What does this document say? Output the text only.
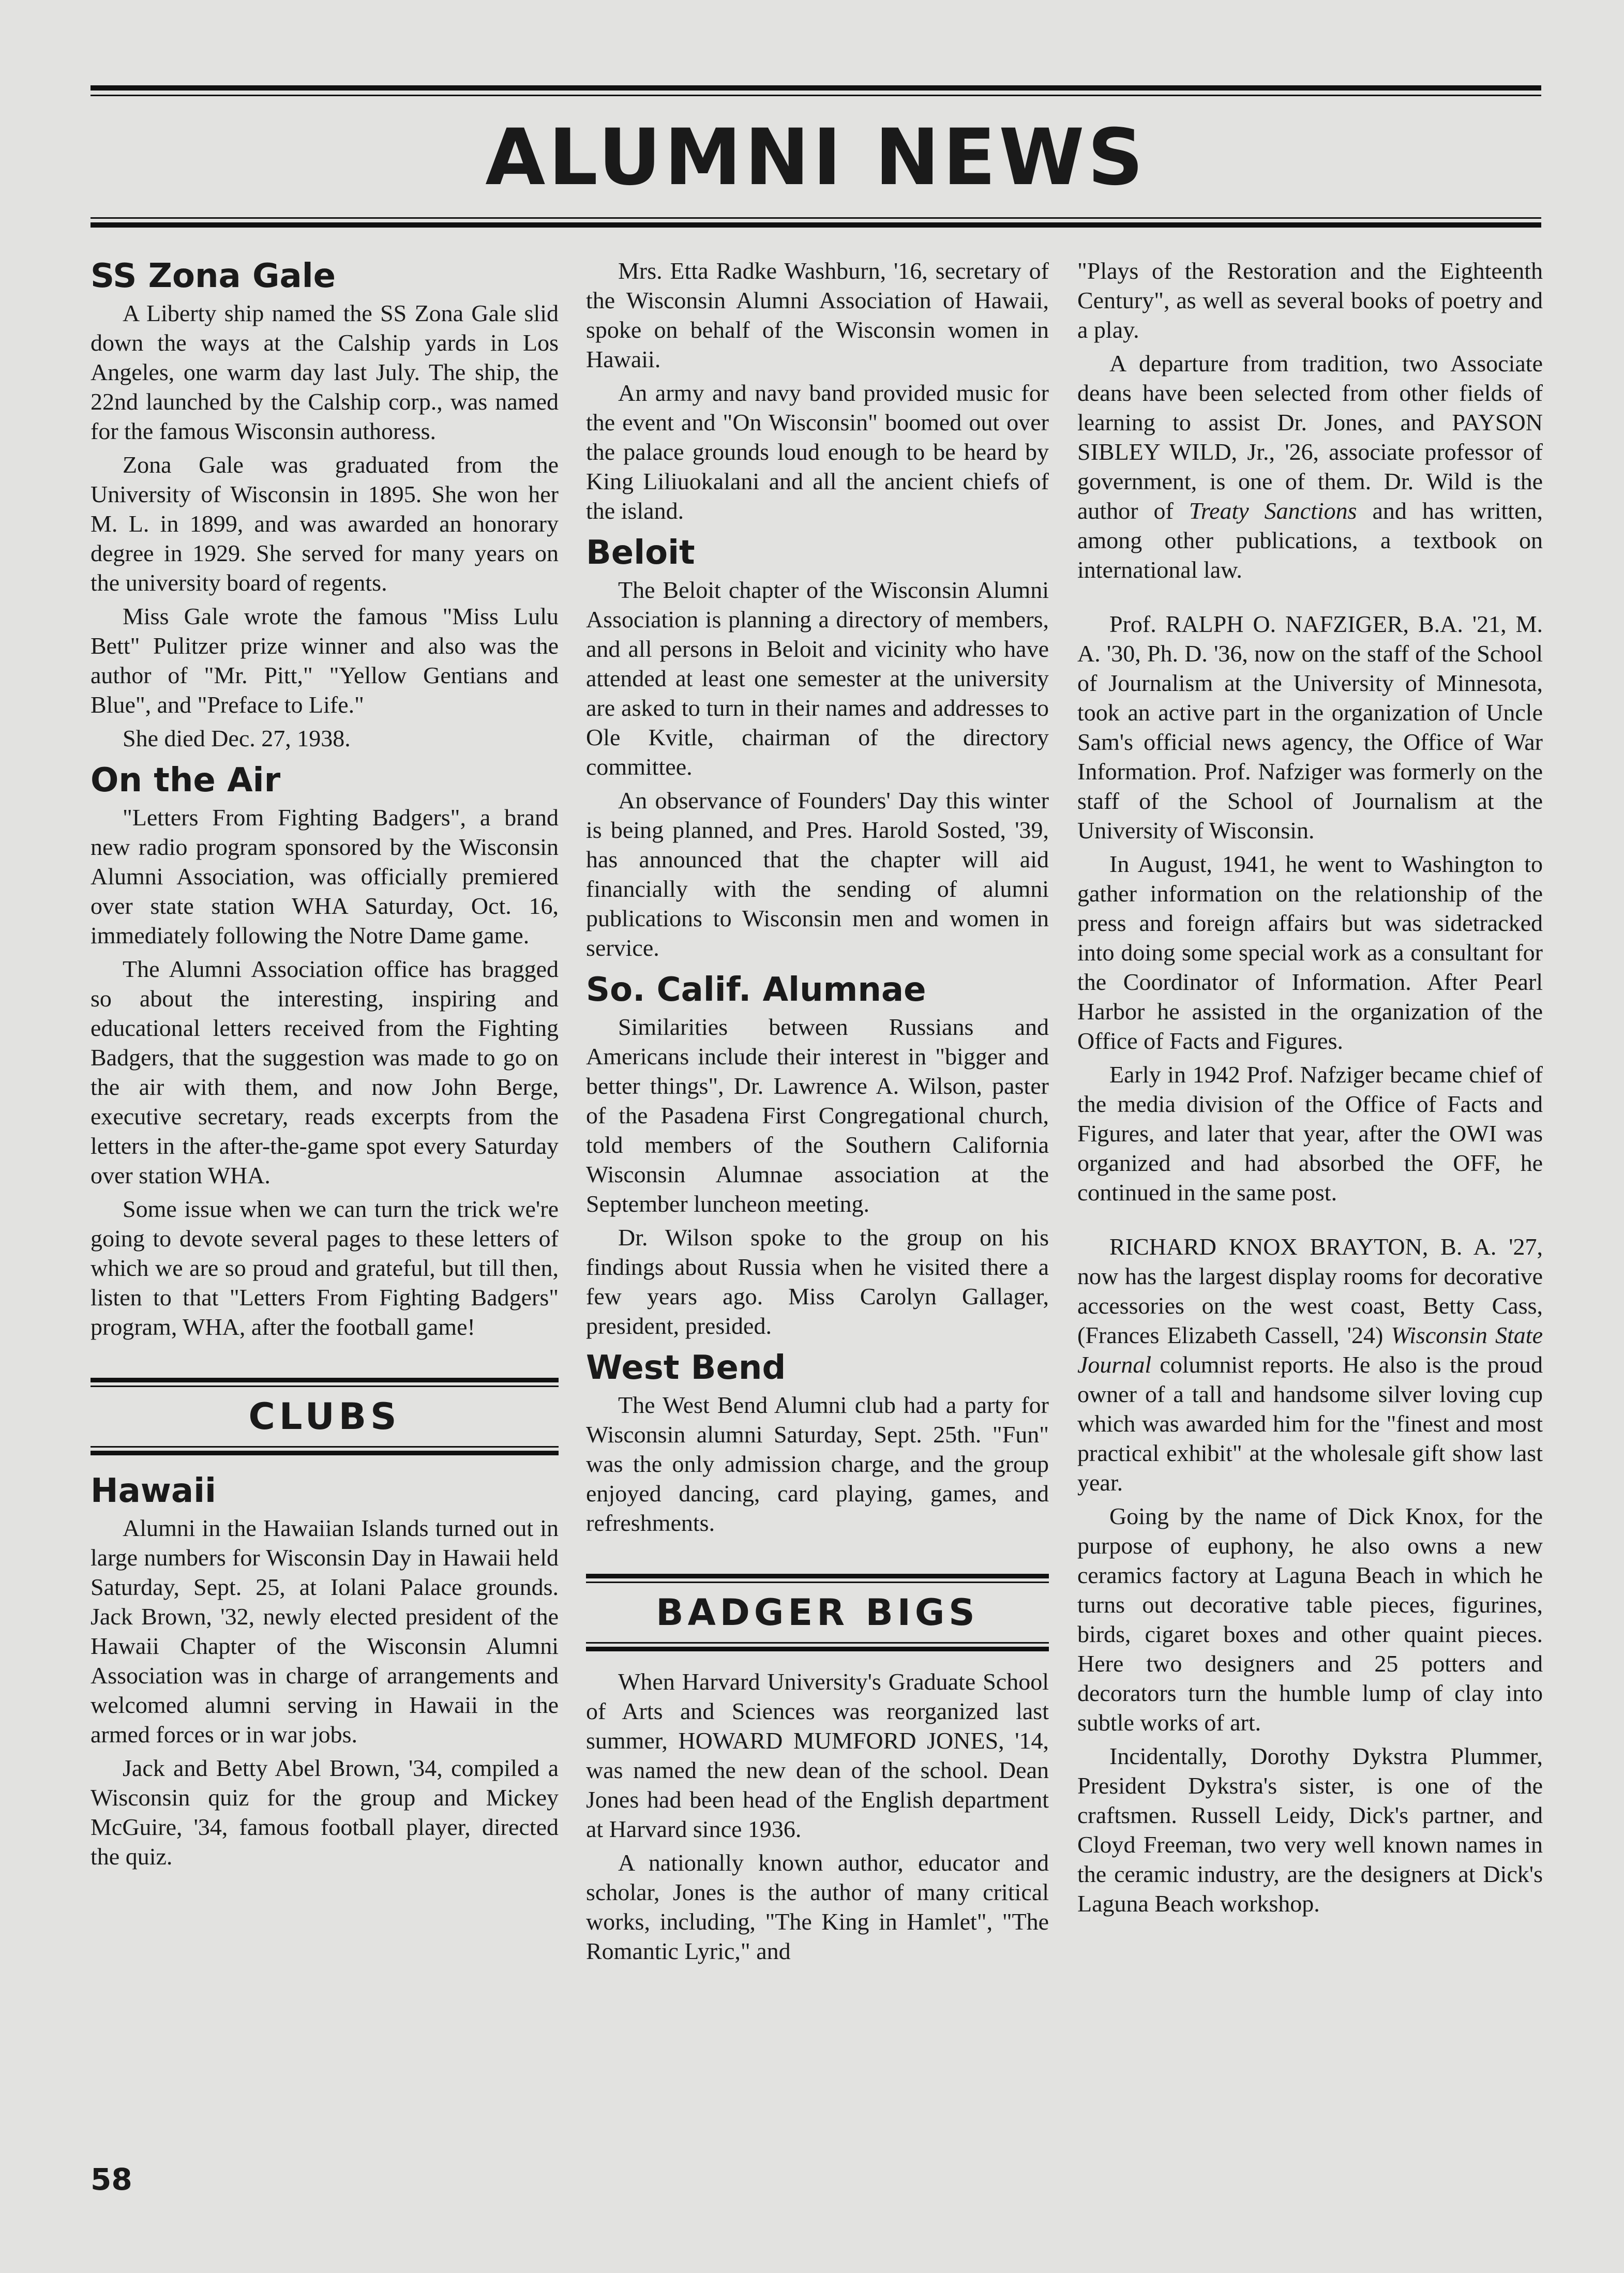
ALUMNI NEWS
SS Zona Gale

A Liberty ship named the SS Zona Gale slid down the ways at the Calship yards in Los Angeles, one warm day last July. The ship, the 22nd launched by the Calship corp., was named for the famous Wisconsin authoress.

Zona Gale was graduated from the University of Wisconsin in 1895. She won her M. L. in 1899, and was awarded an honorary degree in 1929. She served for many years on the university board of regents.

Miss Gale wrote the famous "Miss Lulu Bett" Pulitzer prize winner and also was the author of "Mr. Pitt," "Yellow Gentians and Blue", and "Preface to Life."

She died Dec. 27, 1938.

On the Air

"Letters From Fighting Badgers", a brand new radio program sponsored by the Wisconsin Alumni Association, was officially premiered over state station WHA Saturday, Oct. 16, immediately following the Notre Dame game.

The Alumni Association office has bragged so about the interesting, inspiring and educational letters received from the Fighting Badgers, that the suggestion was made to go on the air with them, and now John Berge, executive secretary, reads excerpts from the letters in the after-the-game spot every Saturday over station WHA.

Some issue when we can turn the trick we're going to devote several pages to these letters of which we are so proud and grateful, but till then, listen to that "Letters From Fighting Badgers" program, WHA, after the football game!

CLUBS
Hawaii

Alumni in the Hawaiian Islands turned out in large numbers for Wisconsin Day in Hawaii held Saturday, Sept. 25, at Iolani Palace grounds. Jack Brown, '32, newly elected president of the Hawaii Chapter of the Wisconsin Alumni Association was in charge of arrangements and welcomed alumni serving in Hawaii in the armed forces or in war jobs.

Jack and Betty Abel Brown, '34, compiled a Wisconsin quiz for the group and Mickey McGuire, '34, famous football player, directed the quiz.

Mrs. Etta Radke Washburn, '16, secretary of the Wisconsin Alumni Association of Hawaii, spoke on behalf of the Wisconsin women in Hawaii.

An army and navy band provided music for the event and "On Wisconsin" boomed out over the palace grounds loud enough to be heard by King Liliuokalani and all the ancient chiefs of the island.

Beloit

The Beloit chapter of the Wisconsin Alumni Association is planning a directory of members, and all persons in Beloit and vicinity who have attended at least one semester at the university are asked to turn in their names and addresses to Ole Kvitle, chairman of the directory committee.

An observance of Founders' Day this winter is being planned, and Pres. Harold Sosted, '39, has announced that the chapter will aid financially with the sending of alumni publications to Wisconsin men and women in service.

So. Calif. Alumnae

Similarities between Russians and Americans include their interest in "bigger and better things", Dr. Lawrence A. Wilson, paster of the Pasadena First Congregational church, told members of the Southern California Wisconsin Alumnae association at the September luncheon meeting.

Dr. Wilson spoke to the group on his findings about Russia when he visited there a few years ago. Miss Carolyn Gallager, president, presided.

West Bend

The West Bend Alumni club had a party for Wisconsin alumni Saturday, Sept. 25th. "Fun" was the only admission charge, and the group enjoyed dancing, card playing, games, and refreshments.

BADGER BIGS

When Harvard University's Graduate School of Arts and Sciences was reorganized last summer, HOWARD MUMFORD JONES, '14, was named the new dean of the school. Dean Jones had been head of the English department at Harvard since 1936.

A nationally known author, educator and scholar, Jones is the author of many critical works, including, "The King in Hamlet", "The Romantic Lyric," and

"Plays of the Restoration and the Eighteenth Century", as well as several books of poetry and a play.

A departure from tradition, two Associate deans have been selected from other fields of learning to assist Dr. Jones, and PAYSON SIBLEY WILD, Jr., '26, associate professor of government, is one of them. Dr. Wild is the author of Treaty Sanctions and has written, among other publications, a textbook on international law.

Prof. RALPH O. NAFZIGER, B.A. '21, M. A. '30, Ph. D. '36, now on the staff of the School of Journalism at the University of Minnesota, took an active part in the organization of Uncle Sam's official news agency, the Office of War Information. Prof. Nafziger was formerly on the staff of the School of Journalism at the University of Wisconsin.

In August, 1941, he went to Washington to gather information on the relationship of the press and foreign affairs but was sidetracked into doing some special work as a consultant for the Coordinator of Information. After Pearl Harbor he assisted in the organization of the Office of Facts and Figures.

Early in 1942 Prof. Nafziger became chief of the media division of the Office of Facts and Figures, and later that year, after the OWI was organized and had absorbed the OFF, he continued in the same post.

RICHARD KNOX BRAYTON, B. A. '27, now has the largest display rooms for decorative accessories on the west coast, Betty Cass, (Frances Elizabeth Cassell, '24) Wisconsin State Journal columnist reports. He also is the proud owner of a tall and handsome silver loving cup which was awarded him for the "finest and most practical exhibit" at the wholesale gift show last year.

Going by the name of Dick Knox, for the purpose of euphony, he also owns a new ceramics factory at Laguna Beach in which he turns out decorative table pieces, figurines, birds, cigaret boxes and other quaint pieces. Here two designers and 25 potters and decorators turn the humble lump of clay into subtle works of art.

Incidentally, Dorothy Dykstra Plummer, President Dykstra's sister, is one of the craftsmen. Russell Leidy, Dick's partner, and Cloyd Freeman, two very well known names in the ceramic industry, are the designers at Dick's Laguna Beach workshop.

58
